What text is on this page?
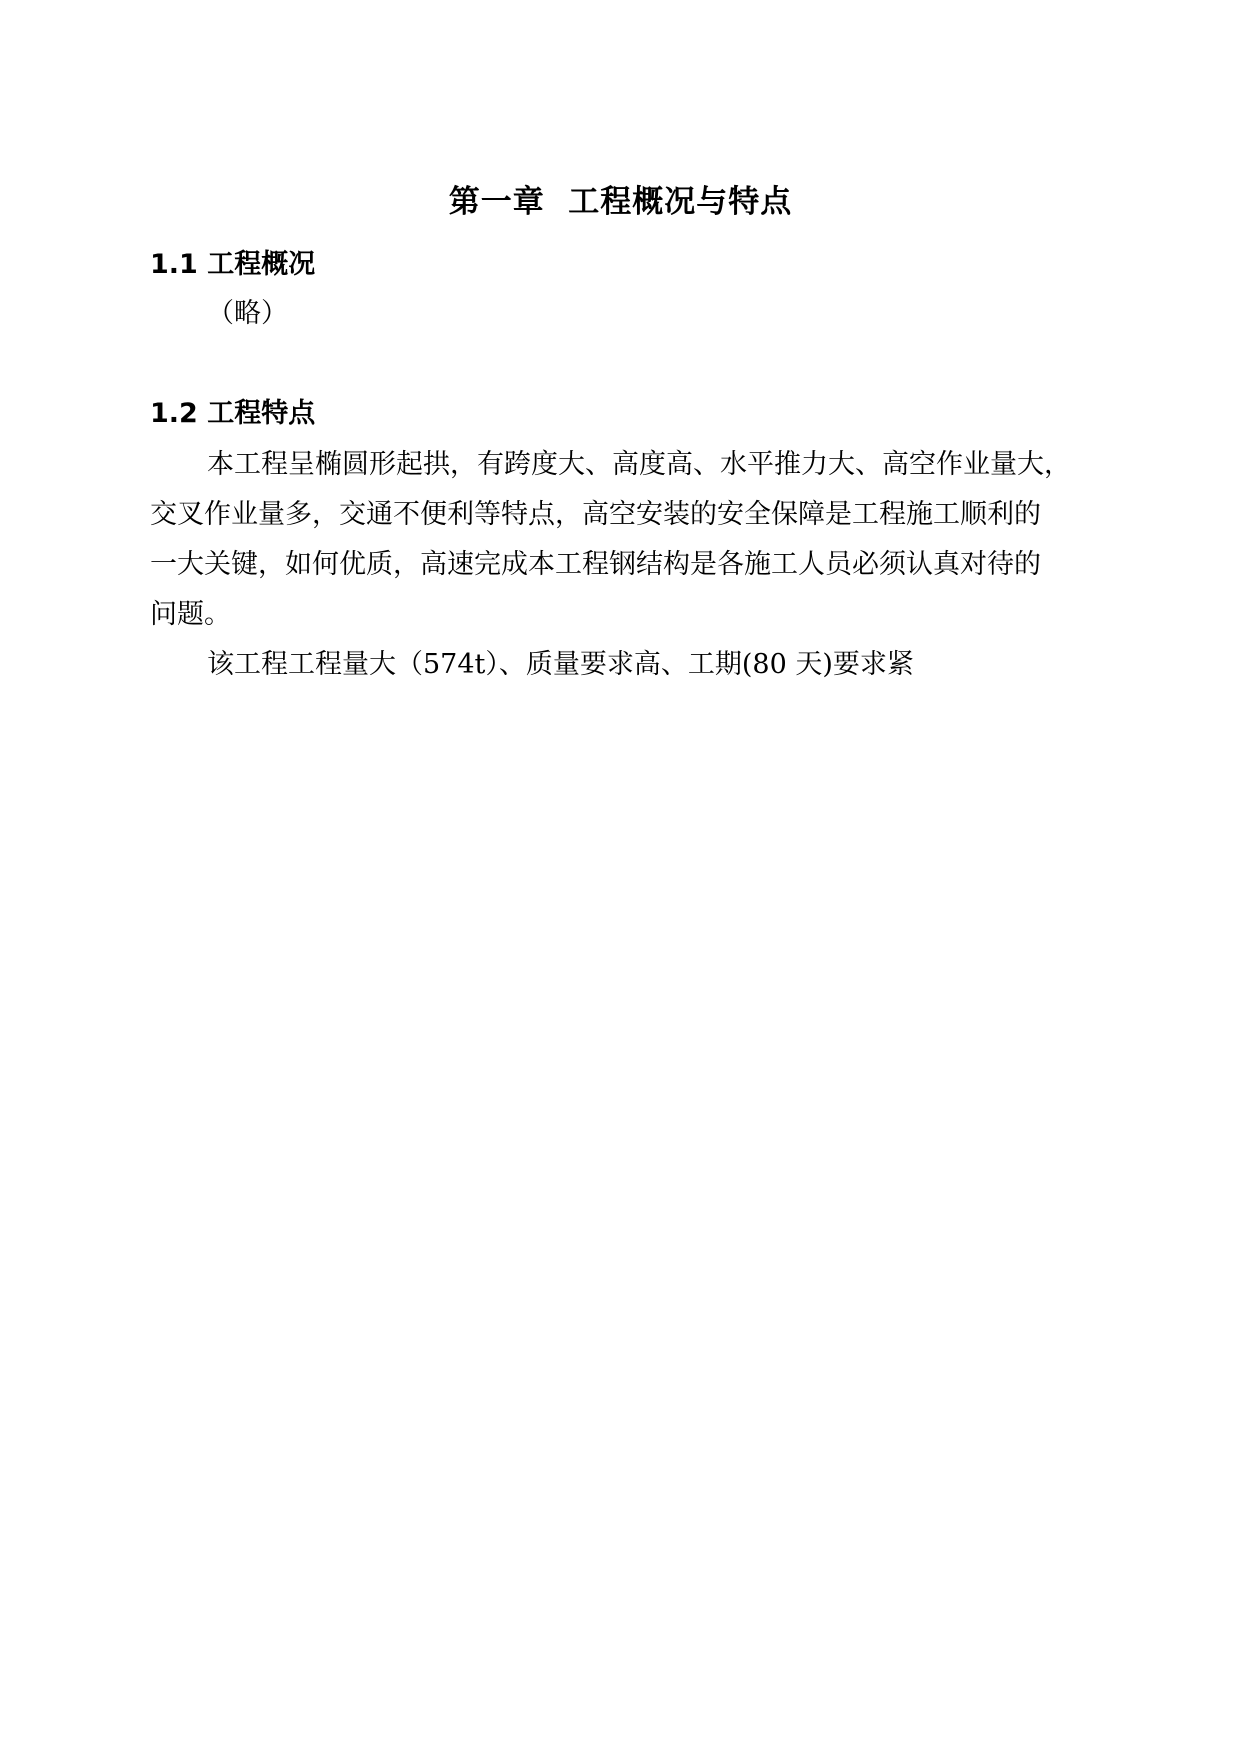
第一章  工程概况与特点
1.1 工程概况
（略）
1.2 工程特点
本工程呈椭圆形起拱，有跨度大、高度高、水平推力大、高空作业量大，
交叉作业量多，交通不便利等特点，高空安装的安全保障是工程施工顺利的
一大关键，如何优质，高速完成本工程钢结构是各施工人员必须认真对待的
问题。
该工程工程量大（574t）、质量要求高、工期(80 天)要求紧
